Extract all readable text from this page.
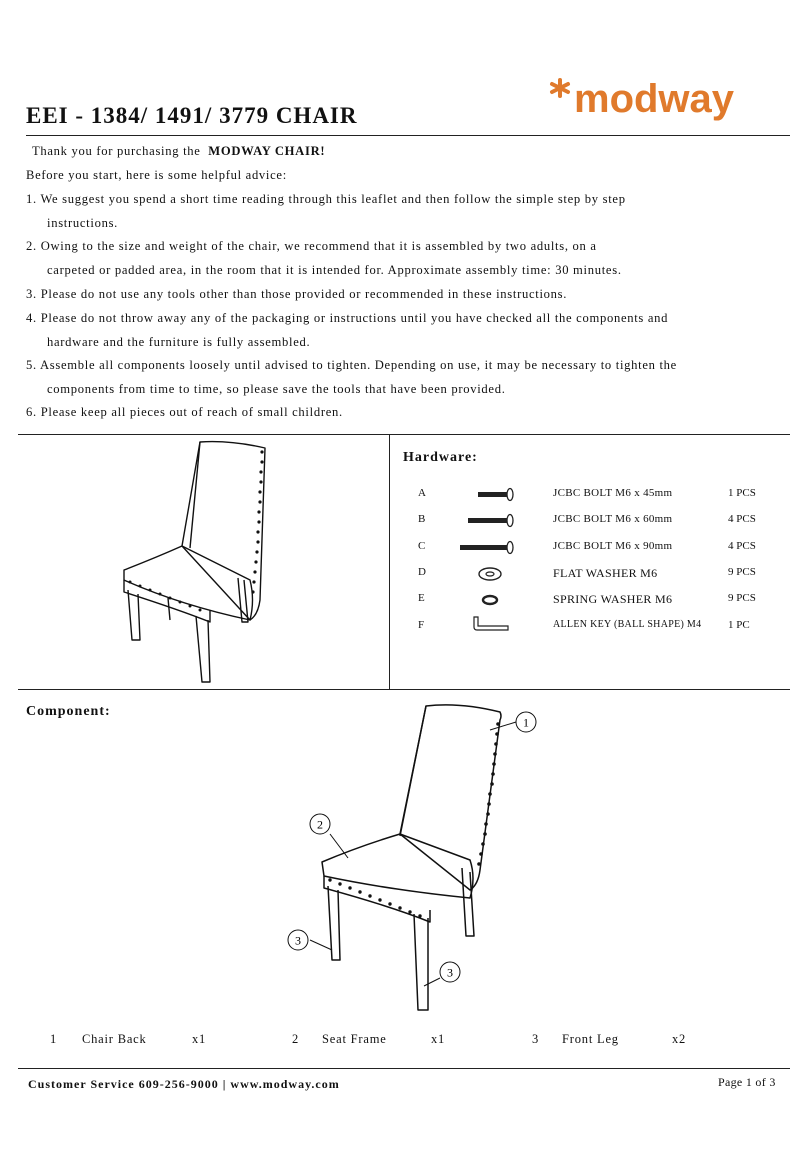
EEI - 1384/ 1491/ 3779 CHAIR	modway
Thank you for purchasing the MODWAY CHAIR!
Before you start, here is some helpful advice:
1. We suggest you spend a short time reading through this leaflet and then follow the simple step by step
instructions.
2. Owing to the size and weight of the chair, we recommend that it is assembled by two adults, on a
carpeted or padded area, in the room that it is intended for. Approximate assembly time: 30 minutes.
3. Please do not use any tools other than those provided or recommended in these instructions.
4. Please do not throw away any of the packaging or instructions until you have checked all the components and
hardware and the furniture is fully assembled.
5. Assemble all components loosely until advised to tighten. Depending on use, it may be necessary to tighten the
components from time to time, so please save the tools that have been provided.
6. Please keep all pieces out of reach of small children.
Hardware:
A	JCBC BOLT M6 x 45mm	1 PCS
B	JCBC BOLT M6 x 60mm	4 PCS
C	JCBC BOLT M6 x 90mm	4 PCS
D	FLAT WASHER M6	9 PCS
E	SPRING WASHER M6	9 PCS
F	ALLEN KEY (BALL SHAPE) M4 1 PC
Component:
1
2
3
3
1 Chair Back	x1	2 Seat Frame	x1	3 Front Leg	x2
Customer Service 609-256-9000 | www.modway.com	Page 1 of 3
